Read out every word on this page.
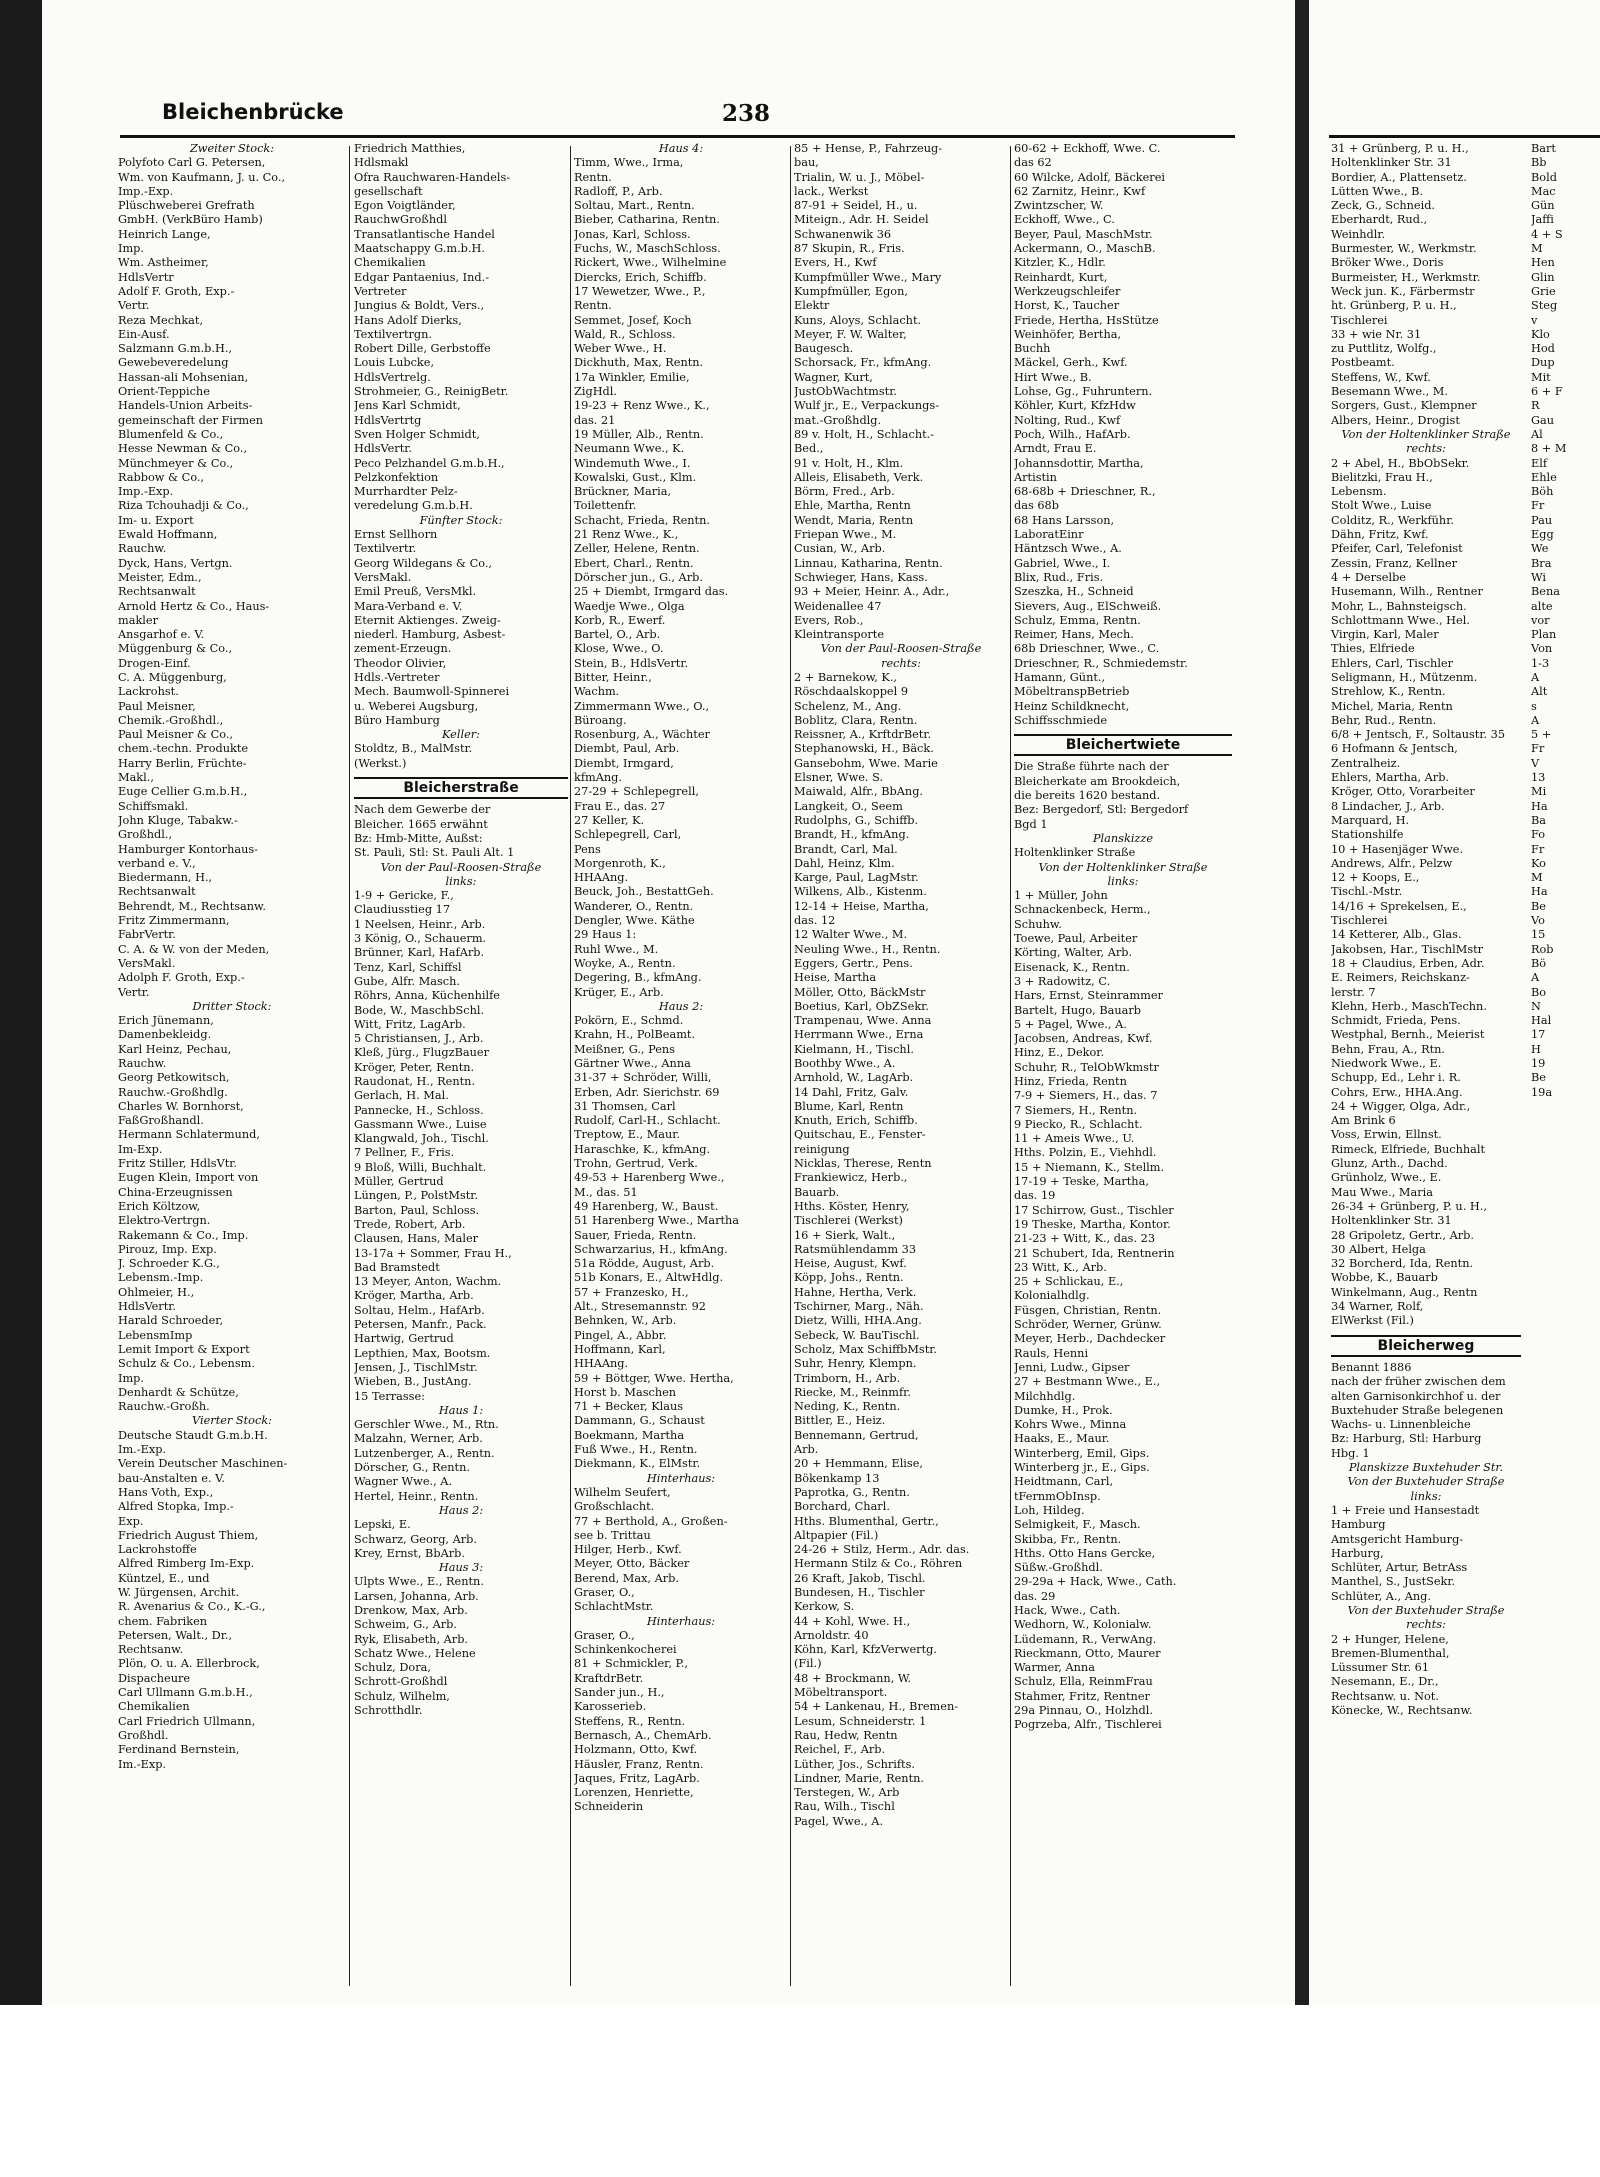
Bleichenbrücke	238
Zweiter Stock:
Polyfoto Carl G. Petersen,
Wm. von Kaufmann, J. u. Co.,
Imp.-Exp.
Plüschweberei Grefrath
GmbH. (VerkBüro Hamb)
Heinrich Lange,
Imp.
Wm. Astheimer,
HdlsVertr
Adolf F. Groth, Exp.-
Vertr.
Reza Mechkat,
Ein-Ausf.
Salzmann G.m.b.H.,
Gewebeveredelung
Hassan-ali Mohsenian,
Orient-Teppiche
Handels-Union Arbeits-
gemeinschaft der Firmen
Blumenfeld & Co.,
Hesse Newman & Co.,
Münchmeyer & Co.,
Rabbow & Co.,
Imp.-Exp.
Riza Tchouhadji & Co.,
Im- u. Export
Ewald Hoffmann,
Rauchw.
Dyck, Hans, Vertgn.
Meister, Edm.,
Rechtsanwalt
Arnold Hertz & Co., Haus-
makler
Ansgarhof e. V.
Müggenburg & Co.,
Drogen-Einf.
C. A. Müggenburg,
Lackrohst.
Paul Meisner,
Chemik.-Großhdl.,
Paul Meisner & Co.,
chem.-techn. Produkte
Harry Berlin, Früchte-
Makl.,
Euge Cellier G.m.b.H.,
Schiffsmakl.
John Kluge, Tabakw.-
Großhdl.,
Hamburger Kontorhaus-
verband e. V.,
Biedermann, H.,
Rechtsanwalt
Behrendt, M., Rechtsanw.
Fritz Zimmermann,
FabrVertr.
C. A. & W. von der Meden,
VersMakl.
Adolph F. Groth, Exp.-
Vertr.
Dritter Stock:
Erich Jünemann,
Damenbekleidg.
Karl Heinz, Pechau,
Rauchw.
Georg Petkowitsch,
Rauchw.-Großhdlg.
Charles W. Bornhorst,
FaßGroßhandl.
Hermann Schlatermund,
Im-Exp.
Fritz Stiller, HdlsVtr.
Eugen Klein, Import von
China-Erzeugnissen
Erich Költzow,
Elektro-Vertrgn.
Rakemann & Co., Imp.
Pirouz, Imp. Exp.
J. Schroeder K.G.,
Lebensm.-Imp.
Ohlmeier, H.,
HdlsVertr.
Harald Schroeder,
LebensmImp
Lemit Import & Export
Schulz & Co., Lebensm.
Imp.
Denhardt & Schütze,
Rauchw.-Großh.
Vierter Stock:
Deutsche Staudt G.m.b.H.
Im.-Exp.
Verein Deutscher Maschinen-
bau-Anstalten e. V.
Hans Voth, Exp.,
Alfred Stopka, Imp.-
Exp.
Friedrich August Thiem,
Lackrohstoffe
Alfred Rimberg Im-Exp.
Küntzel, E., und
W. Jürgensen, Archit.
R. Avenarius & Co., K.-G.,
chem. Fabriken
Petersen, Walt., Dr.,
Rechtsanw.
Plön, O. u. A. Ellerbrock,
Dispacheure
Carl Ullmann G.m.b.H.,
Chemikalien
Carl Friedrich Ullmann,
Großhdl.
Ferdinand Bernstein,
Im.-Exp.
Friedrich Matthies,
Hdlsmakl
Ofra Rauchwaren-Handels-
gesellschaft
Egon Voigtländer,
RauchwGroßhdl
Transatlantische Handel
Maatschappy G.m.b.H.
Chemikalien
Edgar Pantaenius, Ind.-
Vertreter
Jungius & Boldt, Vers.,
Hans Adolf Dierks,
Textilvertrgn.
Robert Dille, Gerbstoffe
Louis Lubcke,
HdlsVertrelg.
Strohmeier, G., ReinigBetr.
Jens Karl Schmidt,
HdlsVertrtg
Sven Holger Schmidt,
HdlsVertr.
Peco Pelzhandel G.m.b.H.,
Pelzkonfektion
Murrhardter Pelz-
veredelung G.m.b.H.
Fünfter Stock:
Ernst Sellhorn
Textilvertr.
Georg Wildegans & Co.,
VersMakl.
Emil Preuß, VersMkl.
Mara-Verband e. V.
Eternit Aktienges. Zweig-
niederl. Hamburg, Asbest-
zement-Erzeugn.
Theodor Olivier,
Hdls.-Vertreter
Mech. Baumwoll-Spinnerei
u. Weberei Augsburg,
Büro Hamburg
Keller:
Stoldtz, B., MalMstr.
(Werkst.)
Bleicherstraße
Nach dem Gewerbe der
Bleicher. 1665 erwähnt
Bz: Hmb-Mitte, Außst:
St. Pauli, Stl: St. Pauli Alt. 1
Von der Paul-Roosen-Straße
links:
1-9 + Gericke, F.,
Claudiusstieg 17
1 Neelsen, Heinr., Arb.
3 König, O., Schauerm.
Brünner, Karl, HafArb.
Tenz, Karl, Schiffsl
Gube, Alfr. Masch.
Röhrs, Anna, Küchenhilfe
Bode, W., MaschbSchl.
Witt, Fritz, LagArb.
5 Christiansen, J., Arb.
Kleß, Jürg., FlugzBauer
Kröger, Peter, Rentn.
Raudonat, H., Rentn.
Gerlach, H. Mal.
Pannecke, H., Schloss.
Gassmann Wwe., Luise
Klangwald, Joh., Tischl.
7 Pellner, F., Fris.
9 Bloß, Willi, Buchhalt.
Müller, Gertrud
Lüngen, P., PolstMstr.
Barton, Paul, Schloss.
Trede, Robert, Arb.
Clausen, Hans, Maler
13-17a + Sommer, Frau H.,
Bad Bramstedt
13 Meyer, Anton, Wachm.
Kröger, Martha, Arb.
Soltau, Helm., HafArb.
Petersen, Manfr., Pack.
Hartwig, Gertrud
Lepthien, Max, Bootsm.
Jensen, J., TischlMstr.
Wieben, B., JustAng.
15 Terrasse:
Haus 1:
Gerschler Wwe., M., Rtn.
Malzahn, Werner, Arb.
Lutzenberger, A., Rentn.
Dörscher, G., Rentn.
Wagner Wwe., A.
Hertel, Heinr., Rentn.
Haus 2:
Lepski, E.
Schwarz, Georg, Arb.
Krey, Ernst, BbArb.
Haus 3:
Ulpts Wwe., E., Rentn.
Larsen, Johanna, Arb.
Drenkow, Max, Arb.
Schweim, G., Arb.
Ryk, Elisabeth, Arb.
Schatz Wwe., Helene
Schulz, Dora,
Schrott-Großhdl
Schulz, Wilhelm,
Schrotthdlr.
Haus 4:
Timm, Wwe., Irma,
Rentn.
Radloff, P., Arb.
Soltau, Mart., Rentn.
Bieber, Catharina, Rentn.
Jonas, Karl, Schloss.
Fuchs, W., MaschSchloss.
Rickert, Wwe., Wilhelmine
Diercks, Erich, Schiffb.
17 Wewetzer, Wwe., P.,
Rentn.
Semmet, Josef, Koch
Wald, R., Schloss.
Weber Wwe., H.
Dickhuth, Max, Rentn.
17a Winkler, Emilie,
ZigHdl.
19-23 + Renz Wwe., K.,
das. 21
19 Müller, Alb., Rentn.
Neumann Wwe., K.
Windemuth Wwe., I.
Kowalski, Gust., Klm.
Brückner, Maria,
Toilettenfr.
Schacht, Frieda, Rentn.
21 Renz Wwe., K.,
Zeller, Helene, Rentn.
Ebert, Charl., Rentn.
Dörscher jun., G., Arb.
25 + Diembt, Irmgard das.
Waedje Wwe., Olga
Korb, R., Ewerf.
Bartel, O., Arb.
Klose, Wwe., O.
Stein, B., HdlsVertr.
Bitter, Heinr.,
Wachm.
Zimmermann Wwe., O.,
Büroang.
Rosenburg, A., Wächter
Diembt, Paul, Arb.
Diembt, Irmgard,
kfmAng.
27-29 + Schlepegrell,
Frau E., das. 27
27 Keller, K.
Schlepegrell, Carl,
Pens
Morgenroth, K.,
HHAAng.
Beuck, Joh., BestattGeh.
Wanderer, O., Rentn.
Dengler, Wwe. Käthe
29 Haus 1:
Ruhl Wwe., M.
Woyke, A., Rentn.
Degering, B., kfmAng.
Krüger, E., Arb.
Haus 2:
Pokörn, E., Schmd.
Krahn, H., PolBeamt.
Meißner, G., Pens
Gärtner Wwe., Anna
31-37 + Schröder, Willi,
Erben, Adr. Sierichstr. 69
31 Thomsen, Carl
Rudolf, Carl-H., Schlacht.
Treptow, E., Maur.
Haraschke, K., kfmAng.
Trohn, Gertrud, Verk.
49-53 + Harenberg Wwe.,
M., das. 51
49 Harenberg, W., Baust.
51 Harenberg Wwe., Martha
Sauer, Frieda, Rentn.
Schwarzarius, H., kfmAng.
51a Rödde, August, Arb.
51b Konars, E., AltwHdlg.
57 + Franzesko, H.,
Alt., Stresemannstr. 92
Behnken, W., Arb.
Pingel, A., Abbr.
Hoffmann, Karl,
HHAAng.
59 + Böttger, Wwe. Hertha,
Horst b. Maschen
71 + Becker, Klaus
Dammann, G., Schaust
Boekmann, Martha
Fuß Wwe., H., Rentn.
Diekmann, K., ElMstr.
Hinterhaus:
Wilhelm Seufert,
Großschlacht.
77 + Berthold, A., Großen-
see b. Trittau
Hilger, Herb., Kwf.
Meyer, Otto, Bäcker
Berend, Max, Arb.
Graser, O.,
SchlachtMstr.
Hinterhaus:
Graser, O.,
Schinkenkocherei
81 + Schmickler, P.,
KraftdrBetr.
Sander jun., H.,
Karosserieb.
Steffens, R., Rentn.
Bernasch, A., ChemArb.
Holzmann, Otto, Kwf.
Häusler, Franz, Rentn.
Jaques, Fritz, LagArb.
Lorenzen, Henriette,
Schneiderin
85 + Hense, P., Fahrzeug-
bau,
Trialin, W. u. J., Möbel-
lack., Werkst
87-91 + Seidel, H., u.
Miteign., Adr. H. Seidel
Schwanenwik 36
87 Skupin, R., Fris.
Evers, H., Kwf
Kumpfmüller Wwe., Mary
Kumpfmüller, Egon,
Elektr
Kuns, Aloys, Schlacht.
Meyer, F. W. Walter,
Baugesch.
Schorsack, Fr., kfmAng.
Wagner, Kurt,
JustObWachtmstr.
Wulf jr., E., Verpackungs-
mat.-Großhdlg.
89 v. Holt, H., Schlacht.-
Bed.,
91 v. Holt, H., Klm.
Alleis, Elisabeth, Verk.
Börm, Fred., Arb.
Ehle, Martha, Rentn
Wendt, Maria, Rentn
Friepan Wwe., M.
Cusian, W., Arb.
Linnau, Katharina, Rentn.
Schwieger, Hans, Kass.
93 + Meier, Heinr. A., Adr.,
Weidenallee 47
Evers, Rob.,
Kleintransporte
Von der Paul-Roosen-Straße
rechts:
2 + Barnekow, K.,
Röschdaalskoppel 9
Schelenz, M., Ang.
Boblitz, Clara, Rentn.
Reissner, A., KrftdrBetr.
Stephanowski, H., Bäck.
Gansebohm, Wwe. Marie
Elsner, Wwe. S.
Maiwald, Alfr., BbAng.
Langkeit, O., Seem
Rudolphs, G., Schiffb.
Brandt, H., kfmAng.
Brandt, Carl, Mal.
Dahl, Heinz, Klm.
Karge, Paul, LagMstr.
Wilkens, Alb., Kistenm.
12-14 + Heise, Martha,
das. 12
12 Walter Wwe., M.
Neuling Wwe., H., Rentn.
Eggers, Gertr., Pens.
Heise, Martha
Möller, Otto, BäckMstr
Boetius, Karl, ObZSekr.
Trampenau, Wwe. Anna
Herrmann Wwe., Erna
Kielmann, H., Tischl.
Boothby Wwe., A.
Arnhold, W., LagArb.
14 Dahl, Fritz, Galv.
Blume, Karl, Rentn
Knuth, Erich, Schiffb.
Quitschau, E., Fenster-
reinigung
Nicklas, Therese, Rentn
Frankiewicz, Herb.,
Bauarb.
Hths. Köster, Henry,
Tischlerei (Werkst)
16 + Sierk, Walt.,
Ratsmühlendamm 33
Heise, August, Kwf.
Köpp, Johs., Rentn.
Hahne, Hertha, Verk.
Tschirner, Marg., Näh.
Dietz, Willi, HHA.Ang.
Sebeck, W. BauTischl.
Scholz, Max SchiffbMstr.
Suhr, Henry, Klempn.
Trimborn, H., Arb.
Riecke, M., Reinmfr.
Neding, K., Rentn.
Bittler, E., Heiz.
Bennemann, Gertrud,
Arb.
20 + Hemmann, Elise,
Bökenkamp 13
Paprotka, G., Rentn.
Borchard, Charl.
Hths. Blumenthal, Gertr.,
Altpapier (Fil.)
24-26 + Stilz, Herm., Adr. das.
Hermann Stilz & Co., Röhren
26 Kraft, Jakob, Tischl.
Bundesen, H., Tischler
Kerkow, S.
44 + Kohl, Wwe. H.,
Arnoldstr. 40
Köhn, Karl, KfzVerwertg.
(Fil.)
48 + Brockmann, W.
Möbeltransport.
54 + Lankenau, H., Bremen-
Lesum, Schneiderstr. 1
Rau, Hedw, Rentn
Reichel, F., Arb.
Lüther, Jos., Schrifts.
Lindner, Marie, Rentn.
Terstegen, W., Arb
Rau, Wilh., Tischl
Pagel, Wwe., A.
60-62 + Eckhoff, Wwe. C.
das 62
60 Wilcke, Adolf, Bäckerei
62 Zarnitz, Heinr., Kwf
Zwintzscher, W.
Eckhoff, Wwe., C.
Beyer, Paul, MaschMstr.
Ackermann, O., MaschB.
Kitzler, K., Hdlr.
Reinhardt, Kurt,
Werkzeugschleifer
Horst, K., Taucher
Friede, Hertha, HsStütze
Weinhöfer, Bertha,
Buchh
Mäckel, Gerh., Kwf.
Hirt Wwe., B.
Lohse, Gg., Fuhruntern.
Köhler, Kurt, KfzHdw
Nolting, Rud., Kwf
Poch, Wilh., HafArb.
Arndt, Frau E.
Johannsdottir, Martha,
Artistin
68-68b + Drieschner, R.,
das 68b
68 Hans Larsson,
LaboratEinr
Häntzsch Wwe., A.
Gabriel, Wwe., I.
Blix, Rud., Fris.
Szeszka, H., Schneid
Sievers, Aug., ElSchweiß.
Schulz, Emma, Rentn.
Reimer, Hans, Mech.
68b Drieschner, Wwe., C.
Drieschner, R., Schmiedemstr.
Hamann, Günt.,
MöbeltranspBetrieb
Heinz Schildknecht,
Schiffsschmiede
Bleichertwiete
Die Straße führte nach der
Bleicherkate am Brookdeich,
die bereits 1620 bestand.
Bez: Bergedorf, Stl: Bergedorf
Bgd 1
Planskizze
Holtenklinker Straße
Von der Holtenklinker Straße
links:
1 + Müller, John
Schnackenbeck, Herm.,
Schuhw.
Toewe, Paul, Arbeiter
Körting, Walter, Arb.
Eisenack, K., Rentn.
3 + Radowitz, C.
Hars, Ernst, Steinrammer
Bartelt, Hugo, Bauarb
5 + Pagel, Wwe., A.
Jacobsen, Andreas, Kwf.
Hinz, E., Dekor.
Schuhr, R., TelObWkmstr
Hinz, Frieda, Rentn
7-9 + Siemers, H., das. 7
7 Siemers, H., Rentn.
9 Piecko, R., Schlacht.
11 + Ameis Wwe., U.
Hths. Polzin, E., Viehhdl.
15 + Niemann, K., Stellm.
17-19 + Teske, Martha,
das. 19
17 Schirrow, Gust., Tischler
19 Theske, Martha, Kontor.
21-23 + Witt, K., das. 23
21 Schubert, Ida, Rentnerin
23 Witt, K., Arb.
25 + Schlickau, E.,
Kolonialhdlg.
Füsgen, Christian, Rentn.
Schröder, Werner, Grünw.
Meyer, Herb., Dachdecker
Rauls, Henni
Jenni, Ludw., Gipser
27 + Bestmann Wwe., E.,
Milchhdlg.
Dumke, H., Prok.
Kohrs Wwe., Minna
Haaks, E., Maur.
Winterberg, Emil, Gips.
Winterberg jr., E., Gips.
Heidtmann, Carl,
tFernmObInsp.
Loh, Hildeg.
Selmigkeit, F., Masch.
Skibba, Fr., Rentn.
Hths. Otto Hans Gercke,
Süßw.-Großhdl.
29-29a + Hack, Wwe., Cath.
das. 29
Hack, Wwe., Cath.
Wedhorn, W., Kolonialw.
Lüdemann, R., VerwAng.
Rieckmann, Otto, Maurer
Warmer, Anna
Schulz, Ella, ReinmFrau
Stahmer, Fritz, Rentner
29a Pinnau, O., Holzhdl.
Pogrzeba, Alfr., Tischlerei
31 + Grünberg, P. u. H.,
Holtenklinker Str. 31
Bordier, A., Plattensetz.
Lütten Wwe., B.
Zeck, G., Schneid.
Eberhardt, Rud.,
Weinhdlr.
Burmester, W., Werkmstr.
Bröker Wwe., Doris
Burmeister, H., Werkmstr.
Weck jun. K., Färbermstr
ht. Grünberg, P. u. H.,
Tischlerei
33 + wie Nr. 31
zu Puttlitz, Wolfg.,
Postbeamt.
Steffens, W., Kwf.
Besemann Wwe., M.
Sorgers, Gust., Klempner
Albers, Heinr., Drogist
Von der Holtenklinker Straße
rechts:
2 + Abel, H., BbObSekr.
Bielitzki, Frau H.,
Lebensm.
Stolt Wwe., Luise
Colditz, R., Werkführ.
Dähn, Fritz, Kwf.
Pfeifer, Carl, Telefonist
Zessin, Franz, Kellner
4 + Derselbe
Husemann, Wilh., Rentner
Mohr, L., Bahnsteigsch.
Schlottmann Wwe., Hel.
Virgin, Karl, Maler
Thies, Elfriede
Ehlers, Carl, Tischler
Seligmann, H., Mützenm.
Strehlow, K., Rentn.
Michel, Maria, Rentn
Behr, Rud., Rentn.
6/8 + Jentsch, F., Soltaustr. 35
6 Hofmann & Jentsch,
Zentralheiz.
Ehlers, Martha, Arb.
Kröger, Otto, Vorarbeiter
8 Lindacher, J., Arb.
Marquard, H.
Stationshilfe
10 + Hasenjäger Wwe.
Andrews, Alfr., Pelzw
12 + Koops, E.,
Tischl.-Mstr.
14/16 + Sprekelsen, E.,
Tischlerei
14 Ketterer, Alb., Glas.
Jakobsen, Har., TischlMstr
18 + Claudius, Erben, Adr.
E. Reimers, Reichskanz-
lerstr. 7
Klehn, Herb., MaschTechn.
Schmidt, Frieda, Pens.
Westphal, Bernh., Meierist
Behn, Frau, A., Rtn.
Niedwork Wwe., E.
Schupp, Ed., Lehr i. R.
Cohrs, Erw., HHA.Ang.
24 + Wigger, Olga, Adr.,
Am Brink 6
Voss, Erwin, Ellnst.
Rimeck, Elfriede, Buchhalt
Glunz, Arth., Dachd.
Grünholz, Wwe., E.
Mau Wwe., Maria
26-34 + Grünberg, P. u. H.,
Holtenklinker Str. 31
28 Gripoletz, Gertr., Arb.
30 Albert, Helga
32 Borcherd, Ida, Rentn.
Wobbe, K., Bauarb
Winkelmann, Aug., Rentn
34 Warner, Rolf,
ElWerkst (Fil.)
Bleicherweg
Benannt 1886
nach der früher zwischen dem
alten Garnisonkirchhof u. der
Buxtehuder Straße belegenen
Wachs- u. Linnenbleiche
Bz: Harburg, Stl: Harburg
Hbg. 1
Planskizze Buxtehuder Str.
Von der Buxtehuder Straße
links:
1 + Freie und Hansestadt
Hamburg
Amtsgericht Hamburg-
Harburg,
Schlüter, Artur, BetrAss
Manthel, S., JustSekr.
Schlüter, A., Ang.
Von der Buxtehuder Straße
rechts:
2 + Hunger, Helene,
Bremen-Blumenthal,
Lüssumer Str. 61
Nesemann, E., Dr.,
Rechtsanw. u. Not.
Könecke, W., Rechtsanw.
Bart
Bb
Bold
Mac
Gün
Jaffi
4 + S
M
Hen
Glin
Grie
Steg
v
Klo
Hod
Dup
Mit
6 + F
R
Gau
Al
8 + M
Elf
Ehle
Böh
Fr
Pau
Egg
We
Bra
Wi
Bena
alte
vor
Plan
Von
1-3
A
Alt
s
A
5 +
Fr
V
13
Mi
Ha
Ba
Fo
Fr
Ko
M
Ha
Be
Vo
15
Rob
Bö
A
Bo
N
Hal
17
H
19
Be
19a
